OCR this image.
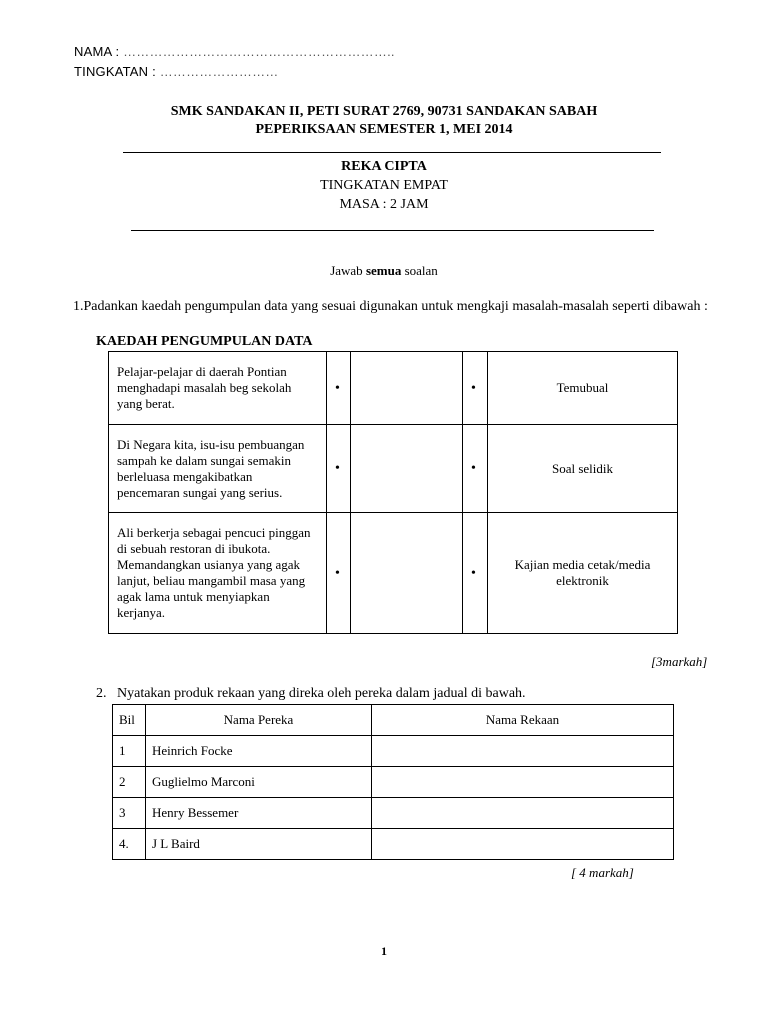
NAMA : ……………………………………………………..
TINGKATAN : ………………………
SMK SANDAKAN II, PETI SURAT 2769, 90731 SANDAKAN SABAH
PEPERIKSAAN SEMESTER 1, MEI 2014
REKA CIPTA
TINGKATAN EMPAT
MASA : 2 JAM
Jawab semua soalan
1.Padankan kaedah pengumpulan data yang sesuai digunakan untuk mengkaji masalah-masalah seperti dibawah :
KAEDAH PENGUMPULAN DATA
Pelajar-pelajar di daerah Pontian menghadapi masalah beg sekolah yang berat.	•		•	Temubual
Di Negara kita, isu-isu pembuangan sampah ke dalam sungai semakin berleluasa mengakibatkan pencemaran sungai yang serius.	•		•	Soal selidik
Ali berkerja sebagai pencuci pinggan di sebuah restoran di ibukota. Memandangkan usianya yang agak lanjut, beliau mangambil masa yang agak lama untuk menyiapkan kerjanya.	•		•	Kajian media cetak/media elektronik
[3markah]
2.   Nyatakan produk rekaan yang direka oleh pereka dalam jadual di bawah.
Bil	Nama Pereka	Nama Rekaan
1	Heinrich Focke	
2	Guglielmo Marconi	
3	Henry Bessemer	
4.	J L Baird	
[ 4 markah]
1
